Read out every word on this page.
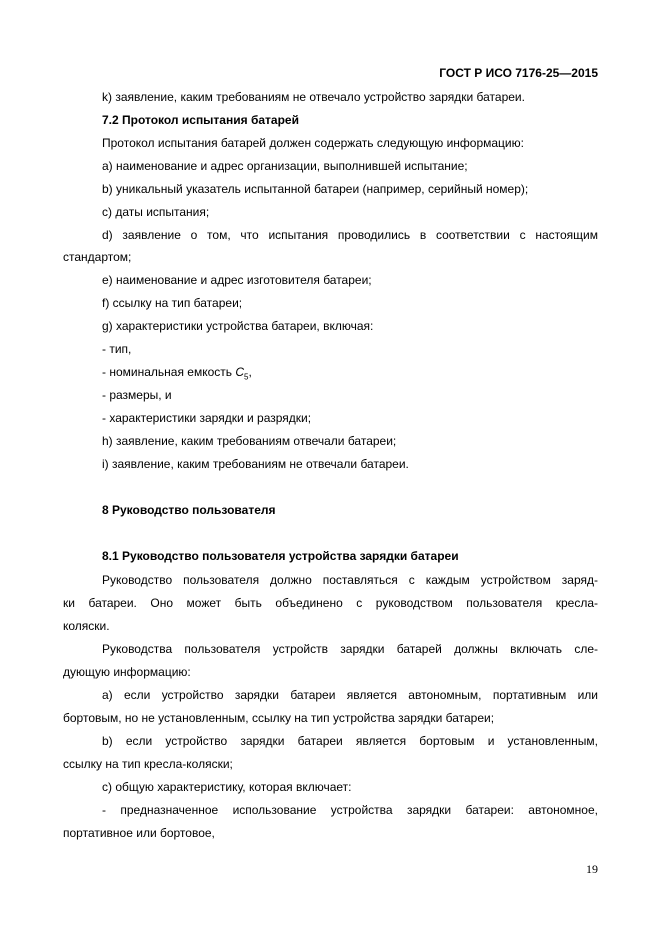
ГОСТ Р ИСО 7176-25—2015
k) заявление, каким требованиям не отвечало устройство зарядки батареи.
7.2 Протокол испытания батарей
Протокол испытания батарей должен содержать следующую информацию:
a) наименование и адрес организации, выполнившей испытание;
b) уникальный указатель испытанной батареи (например, серийный номер);
c) даты испытания;
d) заявление о том, что испытания проводились в соответствии с настоящим
стандартом;
e) наименование и адрес изготовителя батареи;
f) ссылку на тип батареи;
g) характеристики устройства батареи, включая:
- тип,
- номинальная емкость $C_5$,
- размеры, и
- характеристики зарядки и разрядки;
h) заявление, каким требованиям отвечали батареи;
i) заявление, каким требованиям не отвечали батареи.
8 Руководство пользователя
8.1 Руководство пользователя устройства зарядки батареи
Руководство пользователя должно поставляться с каждым устройством заряд-
ки батареи. Оно может быть объединено с руководством пользователя кресла-
коляски.
Руководства пользователя устройств зарядки батарей должны включать сле-
дующую информацию:
a) если устройство зарядки батареи является автономным, портативным или
бортовым, но не установленным, ссылку на тип устройства зарядки батареи;
b) если устройство зарядки батареи является бортовым и установленным,
ссылку на тип кресла-коляски;
c) общую характеристику, которая включает:
- предназначенное использование устройства зарядки батареи: автономное,
портативное или бортовое,
19
